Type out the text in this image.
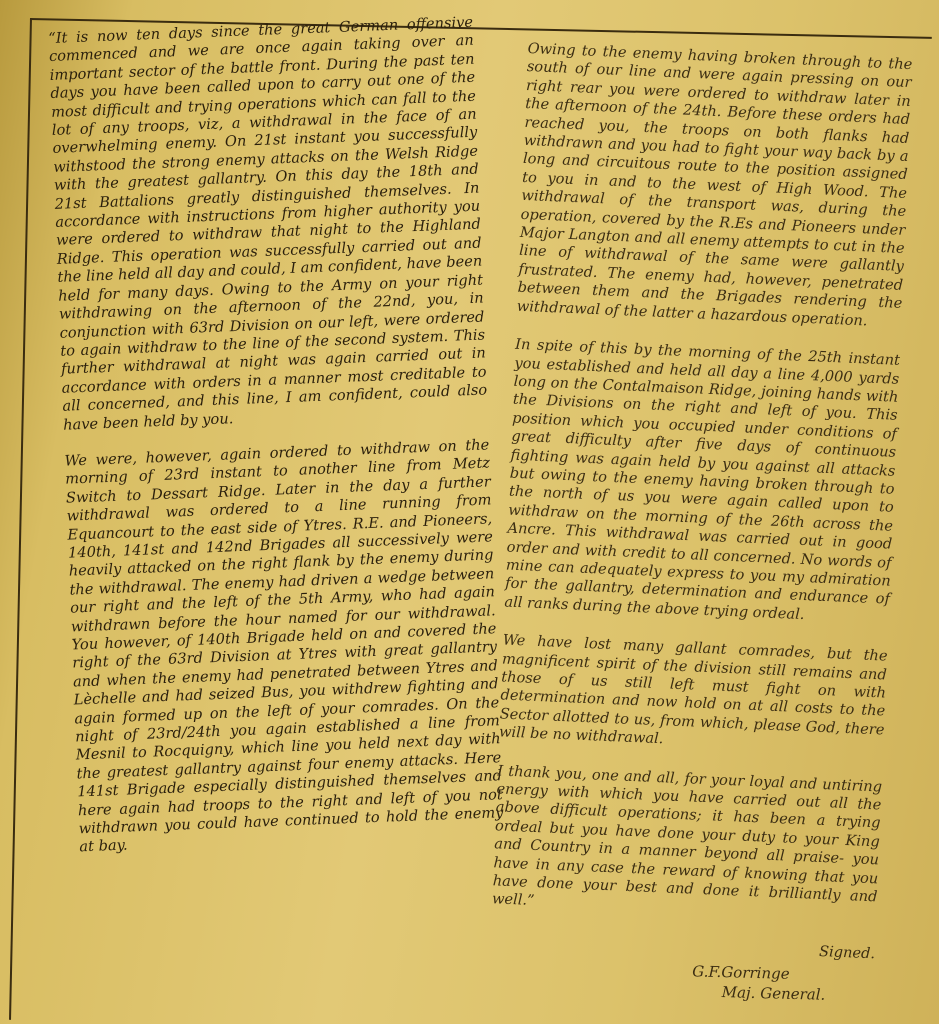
“It is now ten days since the great German offensive commenced and we are once again taking over an important sector of the battle front. During the past ten days you have been called upon to carry out one of the most difficult and trying operations which can fall to the lot of any troops, viz, a withdrawal in the face of an overwhelming enemy. On 21st instant you successfully withstood the strong enemy attacks on the Welsh Ridge with the greatest gallantry. On this day the 18th and 21st Battalions greatly distinguished themselves. In accordance with instructions from higher authority you were ordered to withdraw that night to the Highland Ridge. This operation was successfully carried out and the line held all day and could, I am confident, have been held for many days. Owing to the Army on your right withdrawing on the afternoon of the 22nd, you, in conjunction with 63rd Division on our left, were ordered to again withdraw to the line of the second system. This further withdrawal at night was again carried out in accordance with orders in a manner most creditable to all concerned, and this line, I am confident, could also have been held by you.

We were, however, again ordered to withdraw on the morning of 23rd instant to another line from Metz Switch to Dessart Ridge. Later in the day a further withdrawal was ordered to a line running from Equancourt to the east side of Ytres. R.E. and Pioneers, 140th, 141st and 142nd Brigades all successively were heavily attacked on the right flank by the enemy during the withdrawal. The enemy had driven a wedge between our right and the left of the 5th Army, who had again withdrawn before the hour named for our withdrawal. You however, of 140th Brigade held on and covered the right of the 63rd Division at Ytres with great gallantry and when the enemy had penetrated between Ytres and Lèchelle and had seized Bus, you withdrew fighting and again formed up on the left of your comrades. On the night of 23rd/24th you again established a line from Mesnil to Rocquigny, which line you held next day with the greatest gallantry against four enemy attacks. Here 141st Brigade especially distinguished themselves and here again had troops to the right and left of you not withdrawn you could have continued to hold the enemy at bay.

Owing to the enemy having broken through to the south of our line and were again pressing on our right rear you were ordered to withdraw later in the afternoon of the 24th. Before these orders had reached you, the troops on both flanks had withdrawn and you had to fight your way back by a long and circuitous route to the position assigned to you in and to the west of High Wood. The withdrawal of the transport was, during the operation, covered by the R.Es and Pioneers under Major Langton and all enemy attempts to cut in the line of withdrawal of the same were gallantly frustrated. The enemy had, however, penetrated between them and the Brigades rendering the withdrawal of the latter a hazardous operation.

In spite of this by the morning of the 25th instant you established and held all day a line 4,000 yards long on the Contalmaison Ridge, joining hands with the Divisions on the right and left of you. This position which you occupied under conditions of great difficulty after five days of continuous fighting was again held by you against all attacks but owing to the enemy having broken through to the north of us you were again called upon to withdraw on the morning of the 26th across the Ancre. This withdrawal was carried out in good order and with credit to all concerned. No words of mine can adequately express to you my admiration for the gallantry, determination and endurance of all ranks during the above trying ordeal.

We have lost many gallant comrades, but the magnificent spirit of the division still remains and those of us still left must fight on with determination and now hold on at all costs to the Sector allotted to us, from which, please God, there will be no withdrawal.

I thank you, one and all, for your loyal and untiring energy with which you have carried out all the above difficult operations; it has been a trying ordeal but you have done your duty to your King and Country in a manner beyond all praise- you have in any case the reward of knowing that you have done your best and done it brilliantly and well.”

Signed.

G.F.Gorringe
Maj. General.
